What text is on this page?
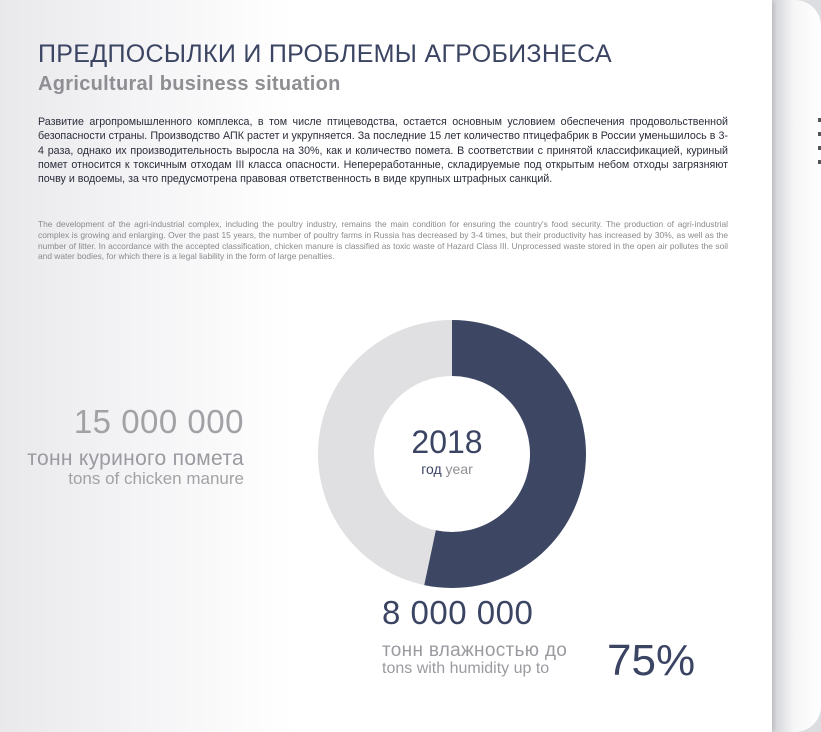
ПРЕДПОСЫЛКИ И ПРОБЛЕМЫ АГРОБИЗНЕСА
Agricultural business situation

Развитие агропромышленного комплекса, в том числе птицеводства, остается основным условием обеспечения продовольственной безопасности страны. Производство АПК растет и укрупняется. За последние 15 лет количество птицефабрик в России уменьшилось в 3-4 раза, однако их производительность выросла на 30%, как и количество помета. В соответствии с принятой классификацией, куриный помет относится к токсичным отходам III класса опасности. Непереработанные, складируемые под открытым небом отходы загрязняют почву и водоемы, за что предусмотрена правовая ответственность в виде крупных штрафных санкций.

The development of the agri-industrial complex, including the poultry industry, remains the main condition for ensuring the country's food security. The production of agri-industrial complex is growing and enlarging. Over the past 15 years, the number of poultry farms in Russia has decreased by 3-4 times, but their productivity has increased by 30%, as well as the number of litter. In accordance with the accepted classification, chicken manure is classified as toxic waste of Hazard Class III. Unprocessed waste stored in the open air pollutes the soil and water bodies, for which there is a legal liability in the form of large penalties.

2018
год year
15 000 000
тонн куриного помета
tons of chicken manure
8 000 000
тонн влажностью до
tons with humidity up to 75%
